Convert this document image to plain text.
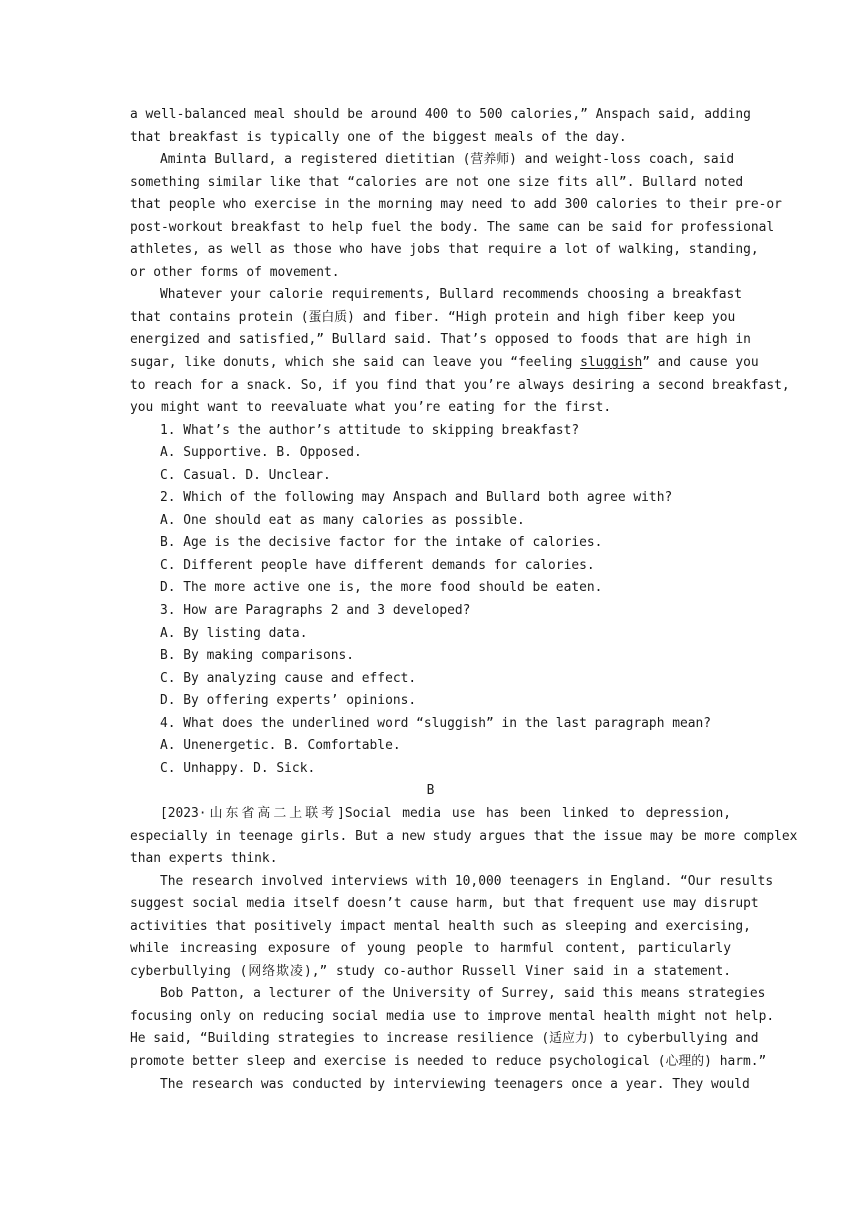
a well-balanced meal should be around 400 to 500 calories,” Anspach said, adding
that breakfast is typically one of the biggest meals of the day.
Aminta Bullard, a registered dietitian (营养师) and weight-loss coach, said
something similar like that “calories are not one size fits all”. Bullard noted
that people who exercise in the morning may need to add 300 calories to their pre-or
post-workout breakfast to help fuel the body. The same can be said for professional
athletes, as well as those who have jobs that require a lot of walking, standing,
or other forms of movement.
Whatever your calorie requirements, Bullard recommends choosing a breakfast
that contains protein (蛋白质) and fiber. “High protein and high fiber keep you
energized and satisfied,” Bullard said. That’s opposed to foods that are high in
sugar, like donuts, which she said can leave you “feeling sluggish” and cause you
to reach for a snack. So, if you find that you’re always desiring a second breakfast,
you might want to reevaluate what you’re eating for the first.
1. What’s the author’s attitude to skipping breakfast?
A. Supportive. B. Opposed.
C. Casual. D. Unclear.
2. Which of the following may Anspach and Bullard both agree with?
A. One should eat as many calories as possible.
B. Age is the decisive factor for the intake of calories.
C. Different people have different demands for calories.
D. The more active one is, the more food should be eaten.
3. How are Paragraphs 2 and 3 developed?
A. By listing data.
B. By making comparisons.
C. By analyzing cause and effect.
D. By offering experts’ opinions.
4. What does the underlined word “sluggish” in the last paragraph mean?
A. Unenergetic. B. Comfortable.
C. Unhappy. D. Sick.
B
[2023·山东省高二上联考]Social media use has been linked to depression,
especially in teenage girls. But a new study argues that the issue may be more complex
than experts think.
The research involved interviews with 10,000 teenagers in England. “Our results
suggest social media itself doesn’t cause harm, but that frequent use may disrupt
activities that positively impact mental health such as sleeping and exercising,
while increasing exposure of young people to harmful content, particularly
cyberbullying (网络欺凌),” study co-author Russell Viner said in a statement.
Bob Patton, a lecturer of the University of Surrey, said this means strategies
focusing only on reducing social media use to improve mental health might not help.
He said, “Building strategies to increase resilience (适应力) to cyberbullying and
promote better sleep and exercise is needed to reduce psychological (心理的) harm.”
The research was conducted by interviewing teenagers once a year. They would
